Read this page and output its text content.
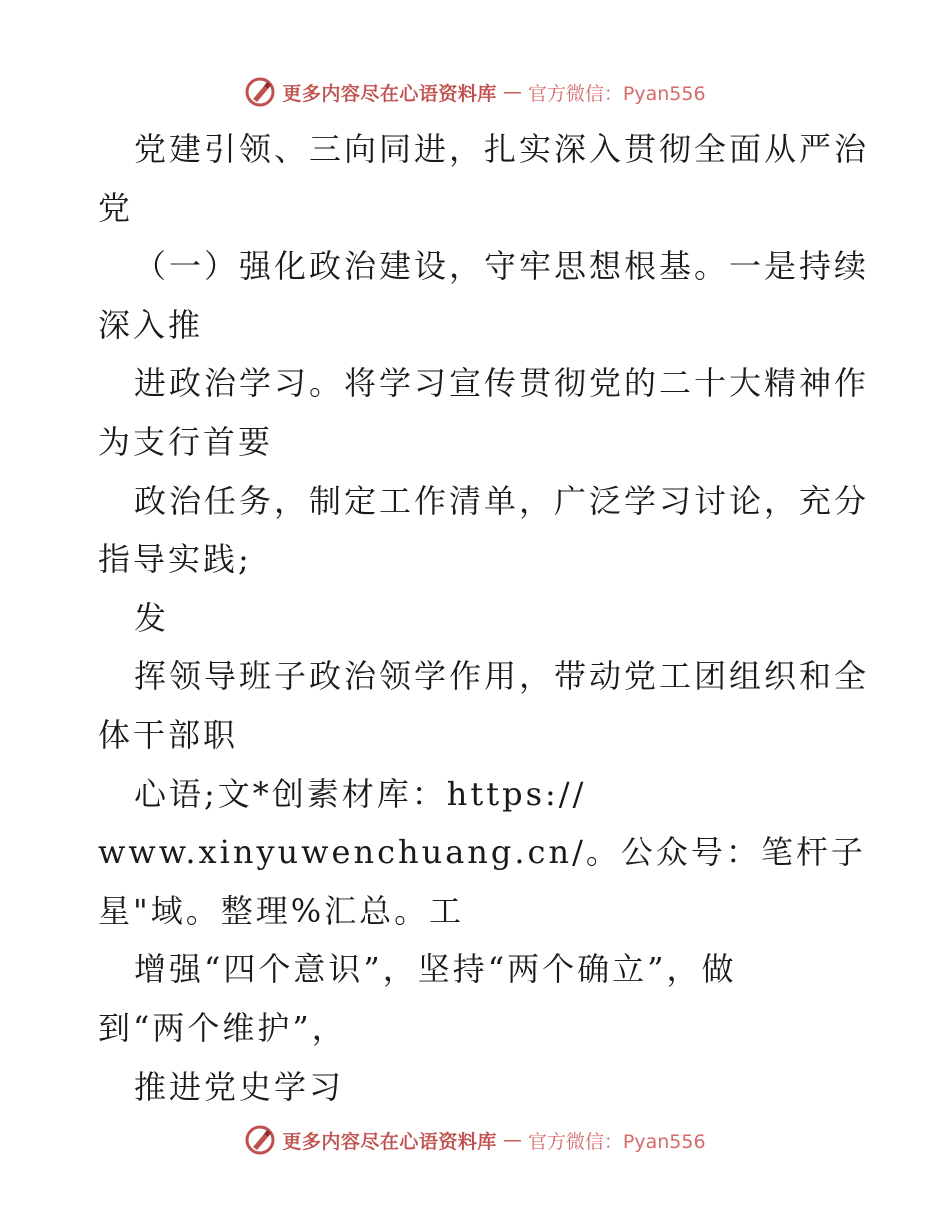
更多内容尽在心语资料库 — 官方微信：Pyan556
党建引领、三向同进，扎实深入贯彻全面从严治
党
（一）强化政治建设，守牢思想根基。一是持续
深入推
进政治学习。将学习宣传贯彻党的二十大精神作
为支行首要
政治任务，制定工作清单，广泛学习讨论，充分
指导实践;
发
挥领导班子政治领学作用，带动党工团组织和全
体干部职
心语;文*创素材库：https://
www.xinyuwenchuang.cn/。公众号：笔杆子
星"域。整理%汇总。工
增强“四个意识”，坚持“两个确立”，做
到“两个维护”，
推进党史学习
更多内容尽在心语资料库 — 官方微信：Pyan556
